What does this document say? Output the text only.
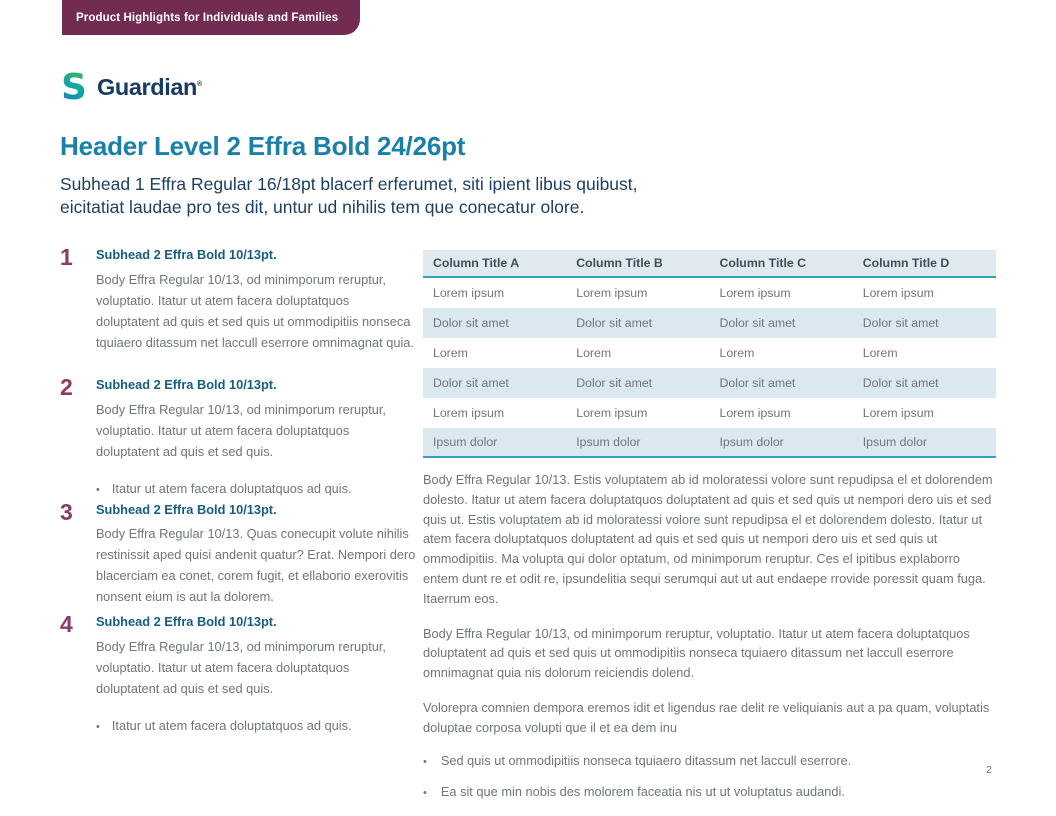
Product Highlights for Individuals and Families
S Guardian®
Header Level 2 Effra Bold 24/26pt
Subhead 1 Effra Regular 16/18pt blacerf erferumet, siti ipient libus quibust,
eicitatiat laudae pro tes dit, untur ud nihilis tem que conecatur olore.
1	Subhead 2 Effra Bold 10/13pt.
Body Effra Regular 10/13, od minimporum reruptur, voluptatio. Itatur ut atem facera doluptatquos doluptatent ad quis et sed quis ut ommodipitiis nonseca tquiaero ditassum net laccull eserrore omnimagnat quia.
2	Subhead 2 Effra Bold 10/13pt.
Body Effra Regular 10/13, od minimporum reruptur, voluptatio. Itatur ut atem facera doluptatquos doluptatent ad quis et sed quis.
• Itatur ut atem facera doluptatquos ad quis.
3	Subhead 2 Effra Bold 10/13pt.
Body Effra Regular 10/13. Quas conecupit volute nihilis restinissit aped quisi andenit quatur? Erat. Nempori dero blacerciam ea conet, corem fugit, et ellaborio exerovitis nonsent eium is aut la dolorem.
4	Subhead 2 Effra Bold 10/13pt.
Body Effra Regular 10/13, od minimporum reruptur, voluptatio. Itatur ut atem facera doluptatquos doluptatent ad quis et sed quis.
• Itatur ut atem facera doluptatquos ad quis.
Column Title A	Column Title B	Column Title C	Column Title D
Lorem ipsum	Lorem ipsum	Lorem ipsum	Lorem ipsum
Dolor sit amet	Dolor sit amet	Dolor sit amet	Dolor sit amet
Lorem	Lorem	Lorem	Lorem
Dolor sit amet	Dolor sit amet	Dolor sit amet	Dolor sit amet
Lorem ipsum	Lorem ipsum	Lorem ipsum	Lorem ipsum
Ipsum dolor	Ipsum dolor	Ipsum dolor	Ipsum dolor
Body Effra Regular 10/13. Estis voluptatem ab id moloratessi volore sunt repudipsa el et dolorendem dolesto. Itatur ut atem facera doluptatquos doluptatent ad quis et sed quis ut nempori dero uis et sed quis ut. Estis voluptatem ab id moloratessi volore sunt repudipsa el et dolorendem dolesto. Itatur ut atem facera doluptatquos doluptatent ad quis et sed quis ut nempori dero uis et sed quis ut ommodipitiis. Ma volupta qui dolor optatum, od minimporum reruptur. Ces el ipitibus explaborro entem dunt re et odit re, ipsundelitia sequi serumqui aut ut aut endaepe rrovide poressit quam fuga. Itaerrum eos.
Body Effra Regular 10/13, od minimporum reruptur, voluptatio. Itatur ut atem facera doluptatquos doluptatent ad quis et sed quis ut ommodipitiis nonseca tquiaero ditassum net laccull eserrore omnimagnat quia nis dolorum reiciendis dolend.
Volorepra comnien dempora eremos idit et ligendus rae delit re veliquianis aut a pa quam, voluptatis doluptae corposa volupti que il et ea dem inu
• Sed quis ut ommodipitiis nonseca tquiaero ditassum net laccull eserrore.
• Ea sit que min nobis des molorem faceatia nis ut ut voluptatus audandi.
2
